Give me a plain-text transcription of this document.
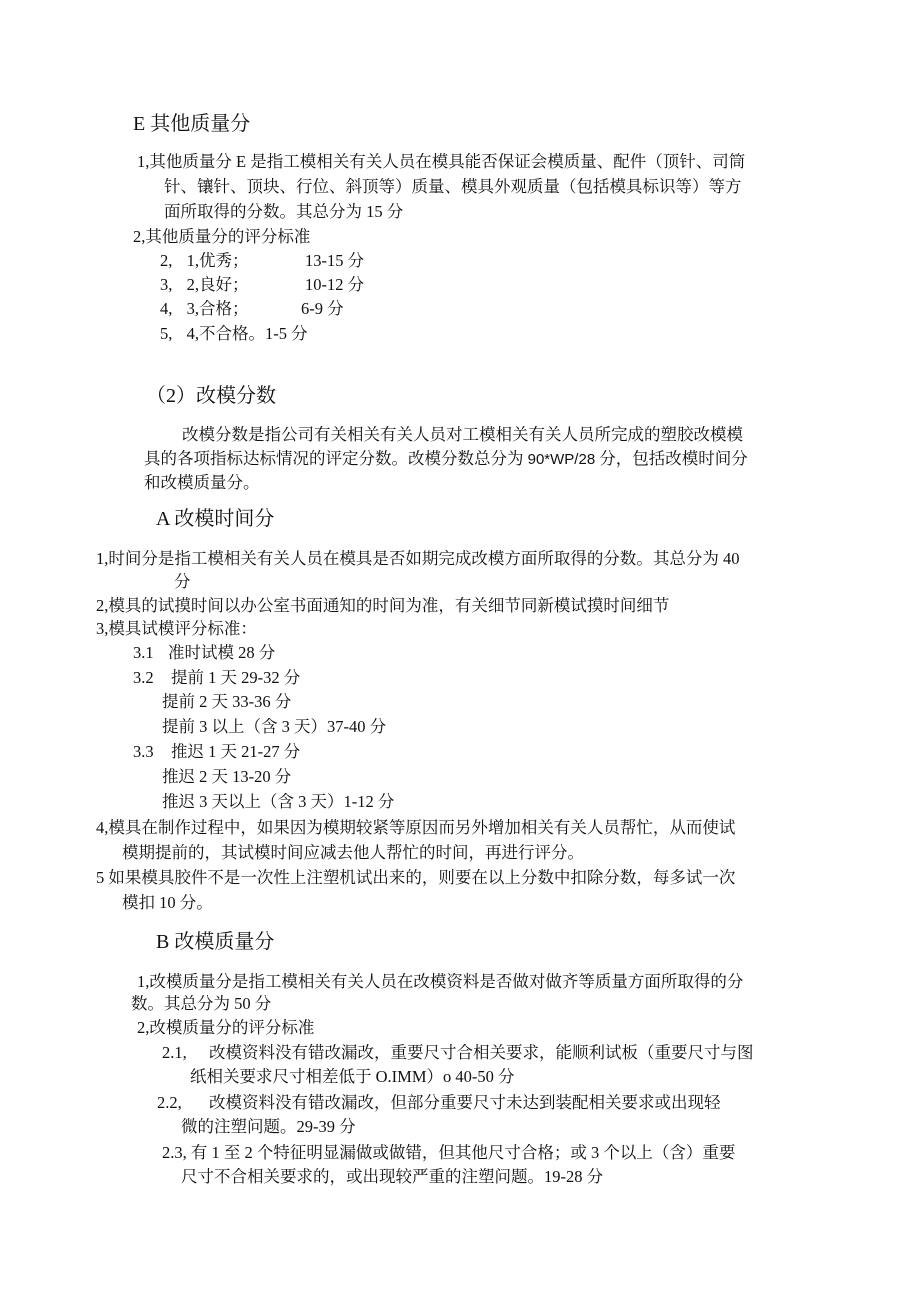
E 其他质量分
1,其他质量分 E 是指工模相关有关人员在模具能否保证会模质量、配件（顶针、司筒
针、镶针、顶块、行位、斜顶等）质量、模具外观质量（包括模具标识等）等方
面所取得的分数。其总分为 15 分
2,其他质量分的评分标准
2, 1,优秀；	13-15 分
3, 2,良好；	10-12 分
4, 3,合格；	6-9 分
5, 4,不合格。1-5 分
（2）改模分数
改模分数是指公司有关相关有关人员对工模相关有关人员所完成的塑胶改模模
具的各项指标达标情况的评定分数。改模分数总分为 90*WP/28 分，包括改模时间分
和改模质量分。
A 改模时间分
1,时间分是指工模相关有关人员在模具是否如期完成改模方面所取得的分数。其总分为 40
分
2,模具的试摸时间以办公室书面通知的时间为准，有关细节同新模试摸时间细节
3,模具试模评分标准：
3.1 准时试模 28 分
3.2 提前 1 天 29-32 分
提前 2 天 33-36 分
提前 3 以上（含 3 天）37-40 分
3.3 推迟 1 天 21-27 分
推迟 2 天 13-20 分
推迟 3 天以上（含 3 天）1-12 分
4,模具在制作过程中，如果因为模期较紧等原因而另外增加相关有关人员帮忙，从而使试
模期提前的，其试模时间应减去他人帮忙的时间，再进行评分。
5 如果模具胶件不是一次性上注塑机试出来的，则要在以上分数中扣除分数，每多试一次
模扣 10 分。
B 改模质量分
1,改模质量分是指工模相关有关人员在改模资料是否做对做齐等质量方面所取得的分
数。其总分为 50 分
2,改模质量分的评分标准
2.1, 改模资料没有错改漏改，重要尺寸合相关要求，能顺利试板（重要尺寸与图
纸相关要求尺寸相差低于 O.IMM）o 40-50 分
2.2, 改模资料没有错改漏改，但部分重要尺寸未达到装配相关要求或出现轻
微的注塑问题。29-39 分
2.3, 有 1 至 2 个特征明显漏做或做错，但其他尺寸合格；或 3 个以上（含）重要
尺寸不合相关要求的，或出现较严重的注塑问题。19-28 分
